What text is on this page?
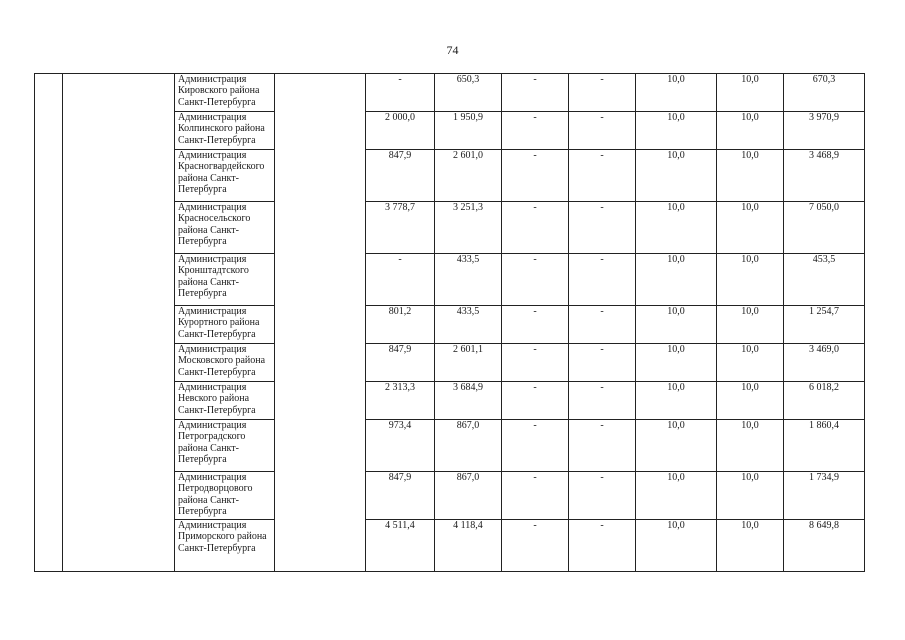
74
		Администрация Кировского района Санкт-Петербурга		-	650,3	-	-	10,0	10,0	670,3
		Администрация Колпинского района Санкт-Петербурга		2 000,0	1 950,9	-	-	10,0	10,0	3 970,9
		Администрация Красногвардейского района Санкт-Петербурга		847,9	2 601,0	-	-	10,0	10,0	3 468,9
		Администрация Красносельского района Санкт-Петербурга		3 778,7	3 251,3	-	-	10,0	10,0	7 050,0
		Администрация Кронштадтского района Санкт-Петербурга		-	433,5	-	-	10,0	10,0	453,5
		Администрация Курортного района Санкт-Петербурга		801,2	433,5	-	-	10,0	10,0	1 254,7
		Администрация Московского района Санкт-Петербурга		847,9	2 601,1	-	-	10,0	10,0	3 469,0
		Администрация Невского района Санкт-Петербурга		2 313,3	3 684,9	-	-	10,0	10,0	6 018,2
		Администрация Петроградского района Санкт-Петербурга		973,4	867,0	-	-	10,0	10,0	1 860,4
		Администрация Петродворцового района Санкт-Петербурга		847,9	867,0	-	-	10,0	10,0	1 734,9
		Администрация Приморского района Санкт-Петербурга		4 511,4	4 118,4	-	-	10,0	10,0	8 649,8
